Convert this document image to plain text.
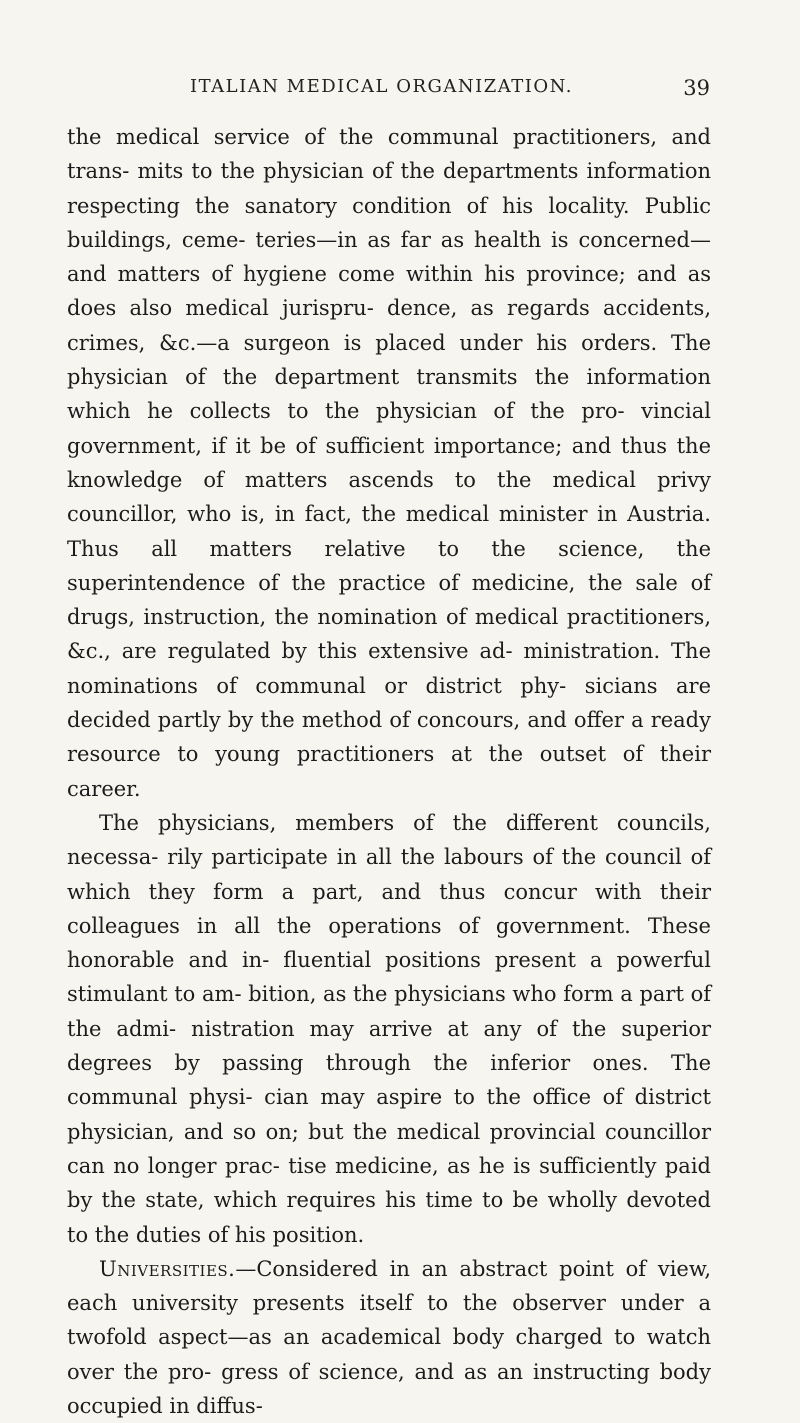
ITALIAN MEDICAL ORGANIZATION.	39

the medical service of the communal practitioners, and trans- mits to the physician of the departments information respecting the sanatory condition of his locality. Public buildings, ceme- teries—in as far as health is concerned—and matters of hygiene come within his province; and as does also medical jurispru- dence, as regards accidents, crimes, &c.—a surgeon is placed under his orders. The physician of the department transmits the information which he collects to the physician of the pro- vincial government, if it be of sufficient importance; and thus the knowledge of matters ascends to the medical privy councillor, who is, in fact, the medical minister in Austria. Thus all matters relative to the science, the superintendence of the practice of medicine, the sale of drugs, instruction, the nomination of medical practitioners, &c., are regulated by this extensive ad- ministration. The nominations of communal or district phy- sicians are decided partly by the method of concours, and offer a ready resource to young practitioners at the outset of their career.

The physicians, members of the different councils, necessa- rily participate in all the labours of the council of which they form a part, and thus concur with their colleagues in all the operations of government. These honorable and in- fluential positions present a powerful stimulant to am- bition, as the physicians who form a part of the admi- nistration may arrive at any of the superior degrees by passing through the inferior ones. The communal physi- cian may aspire to the office of district physician, and so on; but the medical provincial councillor can no longer prac- tise medicine, as he is sufficiently paid by the state, which requires his time to be wholly devoted to the duties of his position.

Universities.—Considered in an abstract point of view, each university presents itself to the observer under a twofold aspect—as an academical body charged to watch over the pro- gress of science, and as an instructing body occupied in diffus-
